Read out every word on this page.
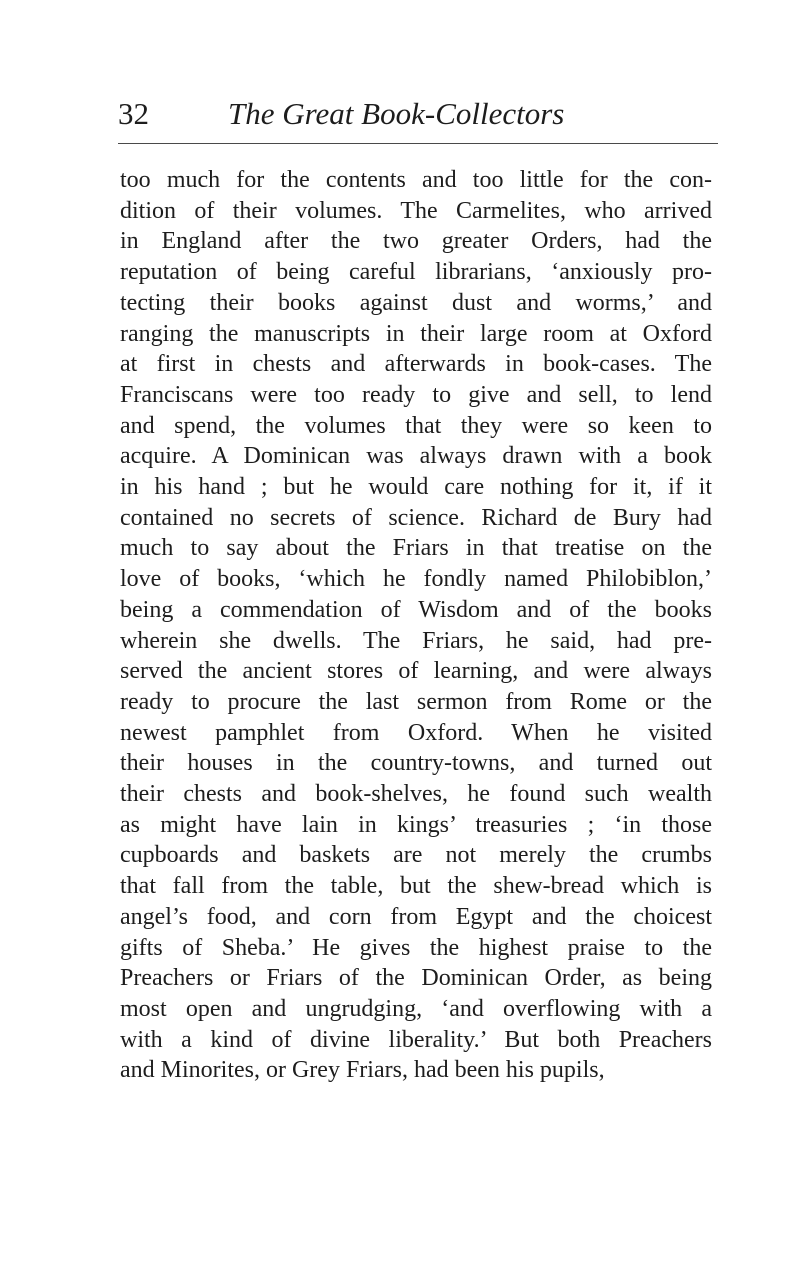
32	The Great Book-Collectors
too much for the contents and too little for the con-
dition of their volumes. The Carmelites, who arrived
in England after the two greater Orders, had the
reputation of being careful librarians, ‘anxiously pro-
tecting their books against dust and worms,’ and
ranging the manuscripts in their large room at Oxford
at first in chests and afterwards in book-cases. The
Franciscans were too ready to give and sell, to lend
and spend, the volumes that they were so keen to
acquire. A Dominican was always drawn with a book
in his hand ; but he would care nothing for it, if it
contained no secrets of science. Richard de Bury had
much to say about the Friars in that treatise on the
love of books, ‘which he fondly named Philobiblon,’
being a commendation of Wisdom and of the books
wherein she dwells. The Friars, he said, had pre-
served the ancient stores of learning, and were always
ready to procure the last sermon from Rome or the
newest pamphlet from Oxford. When he visited
their houses in the country-towns, and turned out
their chests and book-shelves, he found such wealth
as might have lain in kings’ treasuries ; ‘in those
cupboards and baskets are not merely the crumbs
that fall from the table, but the shew-bread which is
angel’s food, and corn from Egypt and the choicest
gifts of Sheba.’ He gives the highest praise to the
Preachers or Friars of the Dominican Order, as being
most open and ungrudging, ‘and overflowing with a
with a kind of divine liberality.’ But both Preachers
and Minorites, or Grey Friars, had been his pupils,
